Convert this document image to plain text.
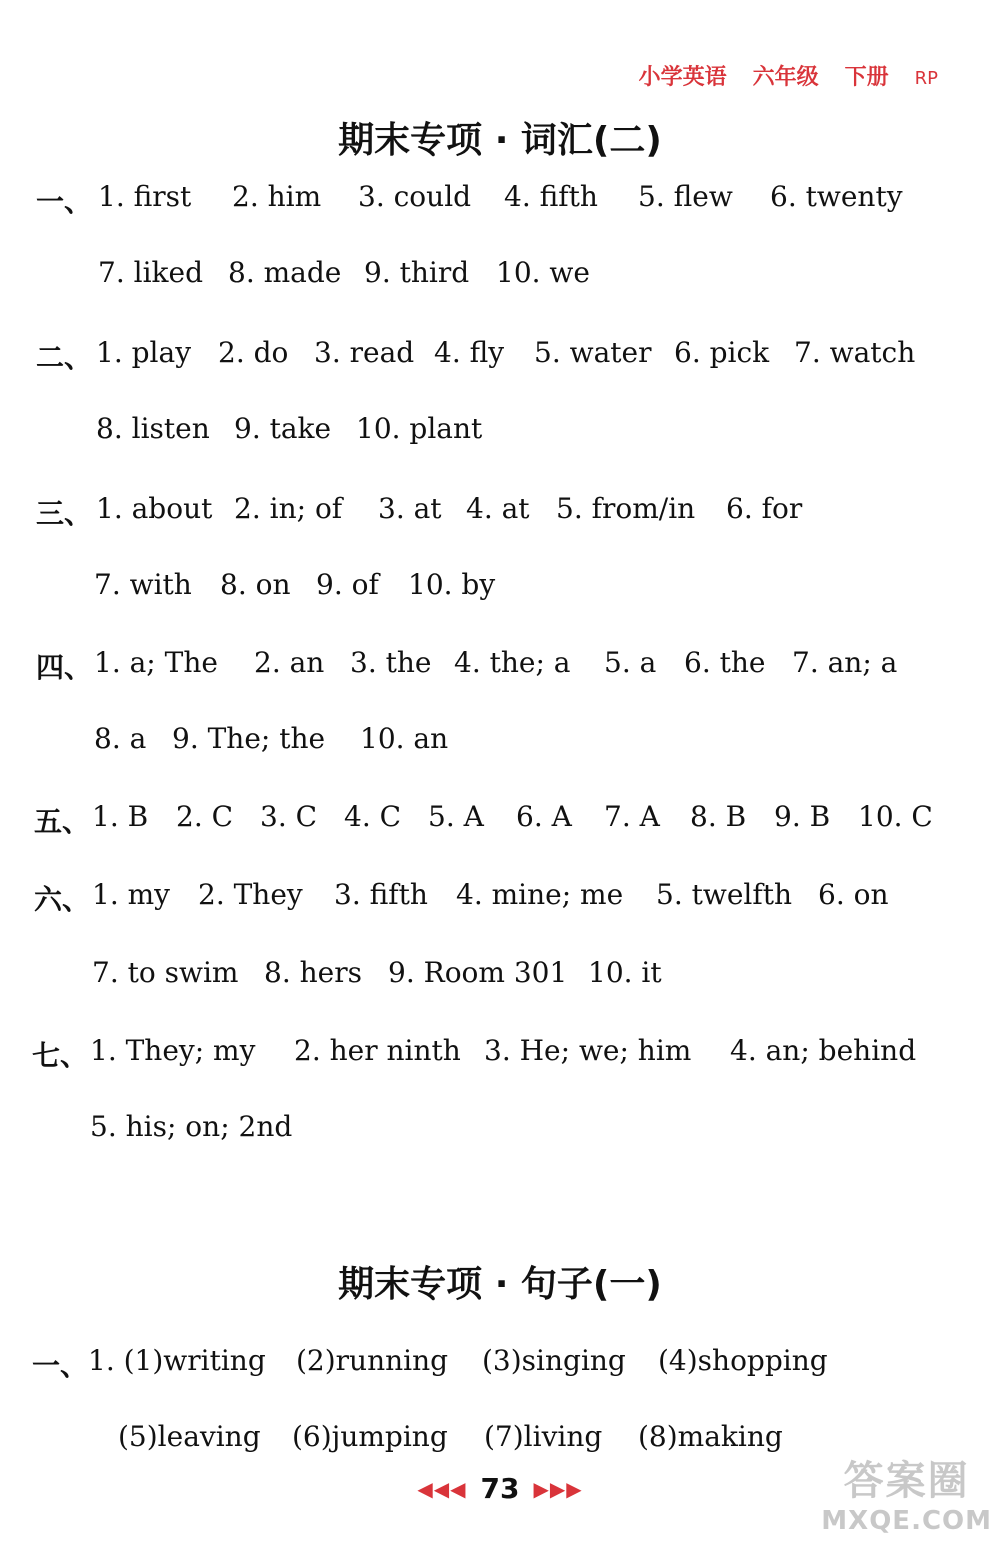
小学英语 六年级 下册 RP
期末专项 · 词汇(二)
一、 1. first 2. him 3. could 4. fifth 5. flew 6. twenty
7. liked 8. made 9. third 10. we
二、 1. play 2. do 3. read 4. fly 5. water 6. pick 7. watch
8. listen 9. take 10. plant
三、 1. about 2. in; of 3. at 4. at 5. from/in 6. for
7. with 8. on 9. of 10. by
四、 1. a; The 2. an 3. the 4. the; a 5. a 6. the 7. an; a
8. a 9. The; the 10. an
五、 1. B 2. C 3. C 4. C 5. A 6. A 7. A 8. B 9. B 10. C
六、 1. my 2. They 3. fifth 4. mine; me 5. twelfth 6. on
7. to swim 8. hers 9. Room 301 10. it
七、 1. They; my 2. her ninth 3. He; we; him 4. an; behind
5. his; on; 2nd
期末专项 · 句子(一)
一、 1. (1)writing (2)running (3)singing (4)shopping
(5)leaving (6)jumping (7)living (8)making
◀◀◀ 73 ▶▶▶	答案圈
MXQE.COM
